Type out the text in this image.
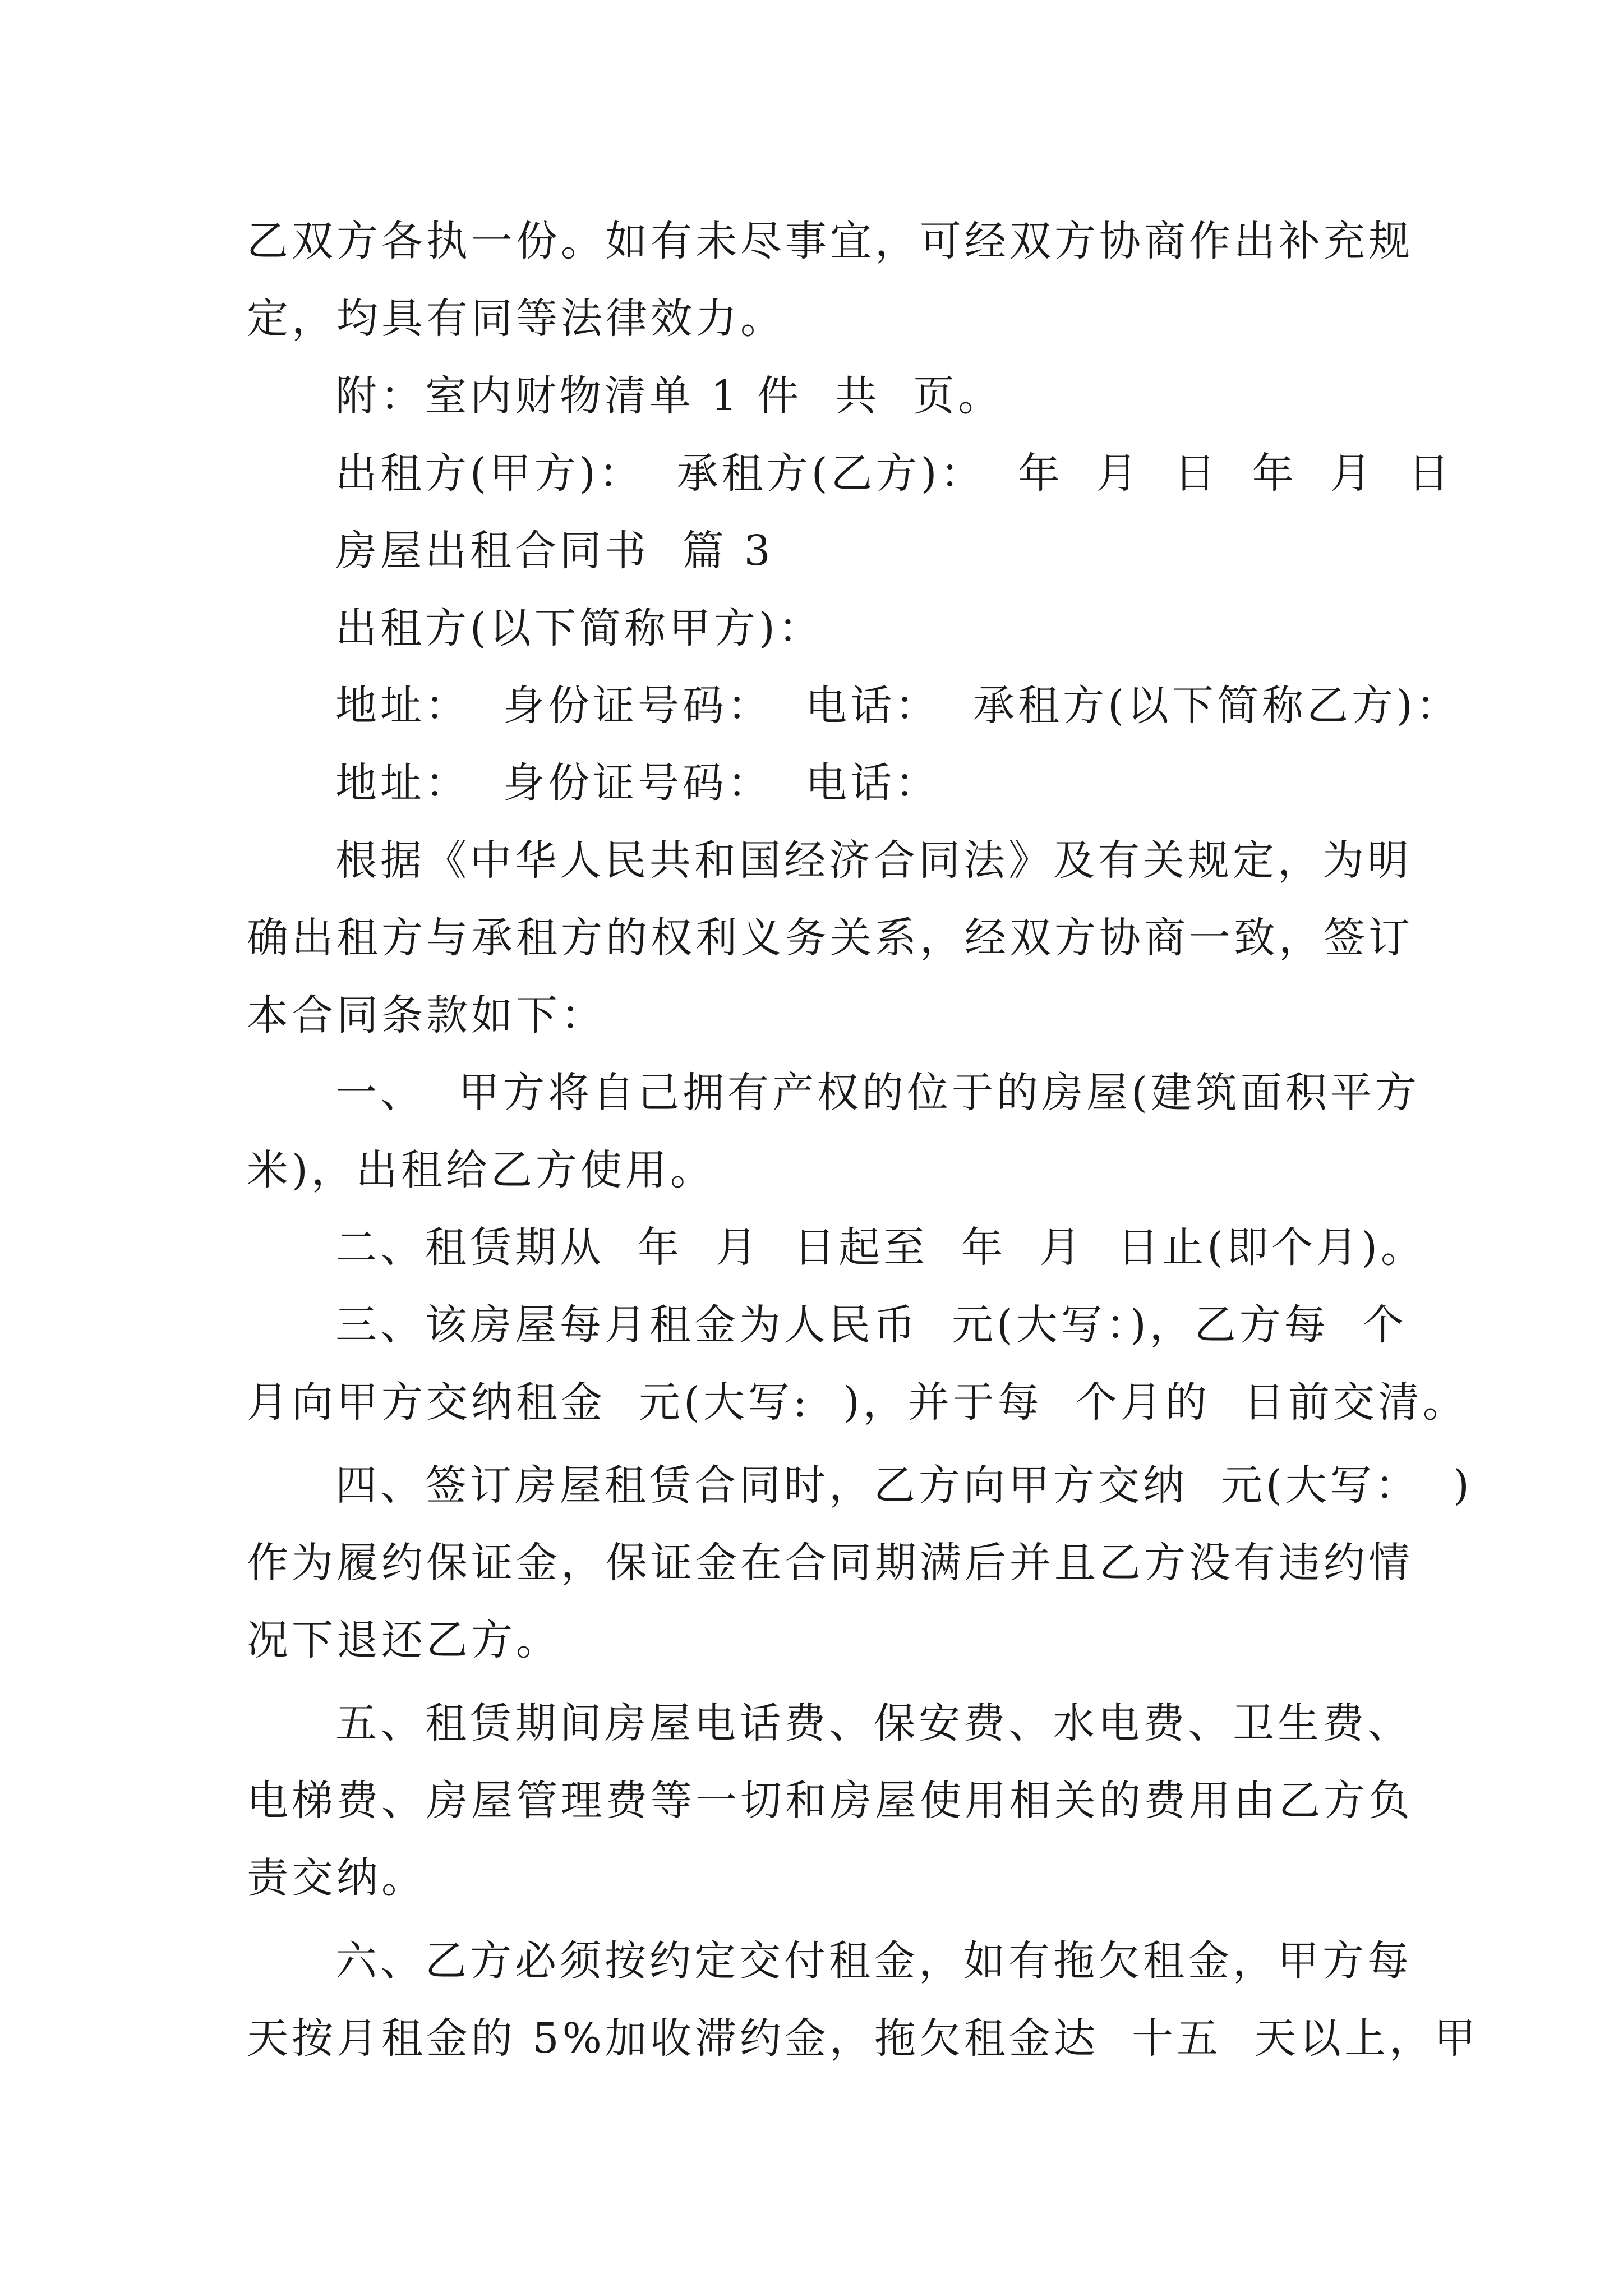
乙双方各执一份。如有未尽事宜，可经双方协商作出补充规
定，均具有同等法律效力。
附：室内财物清单 1 件  共  页。
出租方(甲方)：  承租方(乙方)：  年  月  日  年  月  日
房屋出租合同书  篇 3
出租方(以下简称甲方)：
地址：  身份证号码：  电话：  承租方(以下简称乙方)：
地址：  身份证号码：  电话：
根据《中华人民共和国经济合同法》及有关规定，为明
确出租方与承租方的权利义务关系，经双方协商一致，签订
本合同条款如下：
一、  甲方将自己拥有产权的位于的房屋(建筑面积平方
米)，出租给乙方使用。
二、租赁期从  年  月  日起至  年  月  日止(即个月)。
三、该房屋每月租金为人民币  元(大写：)，乙方每  个
月向甲方交纳租金  元(大写:  )，并于每  个月的  日前交清。
四、签订房屋租赁合同时，乙方向甲方交纳  元(大写：  )
作为履约保证金，保证金在合同期满后并且乙方没有违约情
况下退还乙方。
五、租赁期间房屋电话费、保安费、水电费、卫生费、
电梯费、房屋管理费等一切和房屋使用相关的费用由乙方负
责交纳。
六、乙方必须按约定交付租金，如有拖欠租金，甲方每
天按月租金的 5%加收滞约金，拖欠租金达  十五  天以上，甲
